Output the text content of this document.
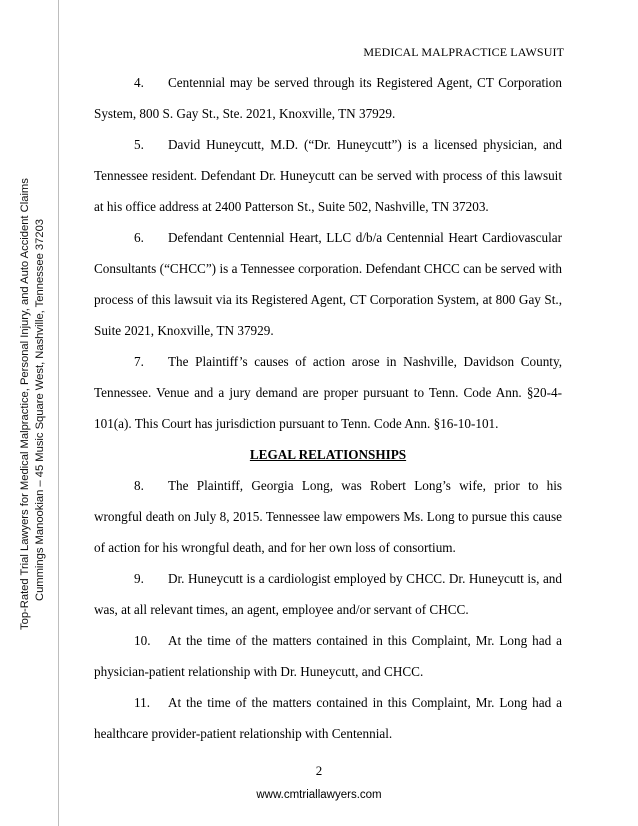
Top-Rated Trial Lawyers for Medical Malpractice, Personal Injury, and Auto Accident Claims Cummings Manookian – 45 Music Square West, Nashville, Tennessee 37203
MEDICAL MALPRACTICE LAWSUIT

4. Centennial may be served through its Registered Agent, CT Corporation System, 800 S. Gay St., Ste. 2021, Knoxville, TN 37929.

5. David Huneycutt, M.D. (“Dr. Huneycutt”) is a licensed physician, and Tennessee resident. Defendant Dr. Huneycutt can be served with process of this lawsuit at his office address at 2400 Patterson St., Suite 502, Nashville, TN 37203.

6. Defendant Centennial Heart, LLC d/b/a Centennial Heart Cardiovascular Consultants (“CHCC”) is a Tennessee corporation. Defendant CHCC can be served with process of this lawsuit via its Registered Agent, CT Corporation System, at 800 Gay St., Suite 2021, Knoxville, TN 37929.

7. The Plaintiff’s causes of action arose in Nashville, Davidson County, Tennessee. Venue and a jury demand are proper pursuant to Tenn. Code Ann. §20-4-101(a). This Court has jurisdiction pursuant to Tenn. Code Ann. §16-10-101.

LEGAL RELATIONSHIPS

8. The Plaintiff, Georgia Long, was Robert Long’s wife, prior to his wrongful death on July 8, 2015. Tennessee law empowers Ms. Long to pursue this cause of action for his wrongful death, and for her own loss of consortium.

9. Dr. Huneycutt is a cardiologist employed by CHCC. Dr. Huneycutt is, and was, at all relevant times, an agent, employee and/or servant of CHCC.

10. At the time of the matters contained in this Complaint, Mr. Long had a physician-patient relationship with Dr. Huneycutt, and CHCC.

11. At the time of the matters contained in this Complaint, Mr. Long had a healthcare provider-patient relationship with Centennial.

2
www.cmtriallawyers.com
